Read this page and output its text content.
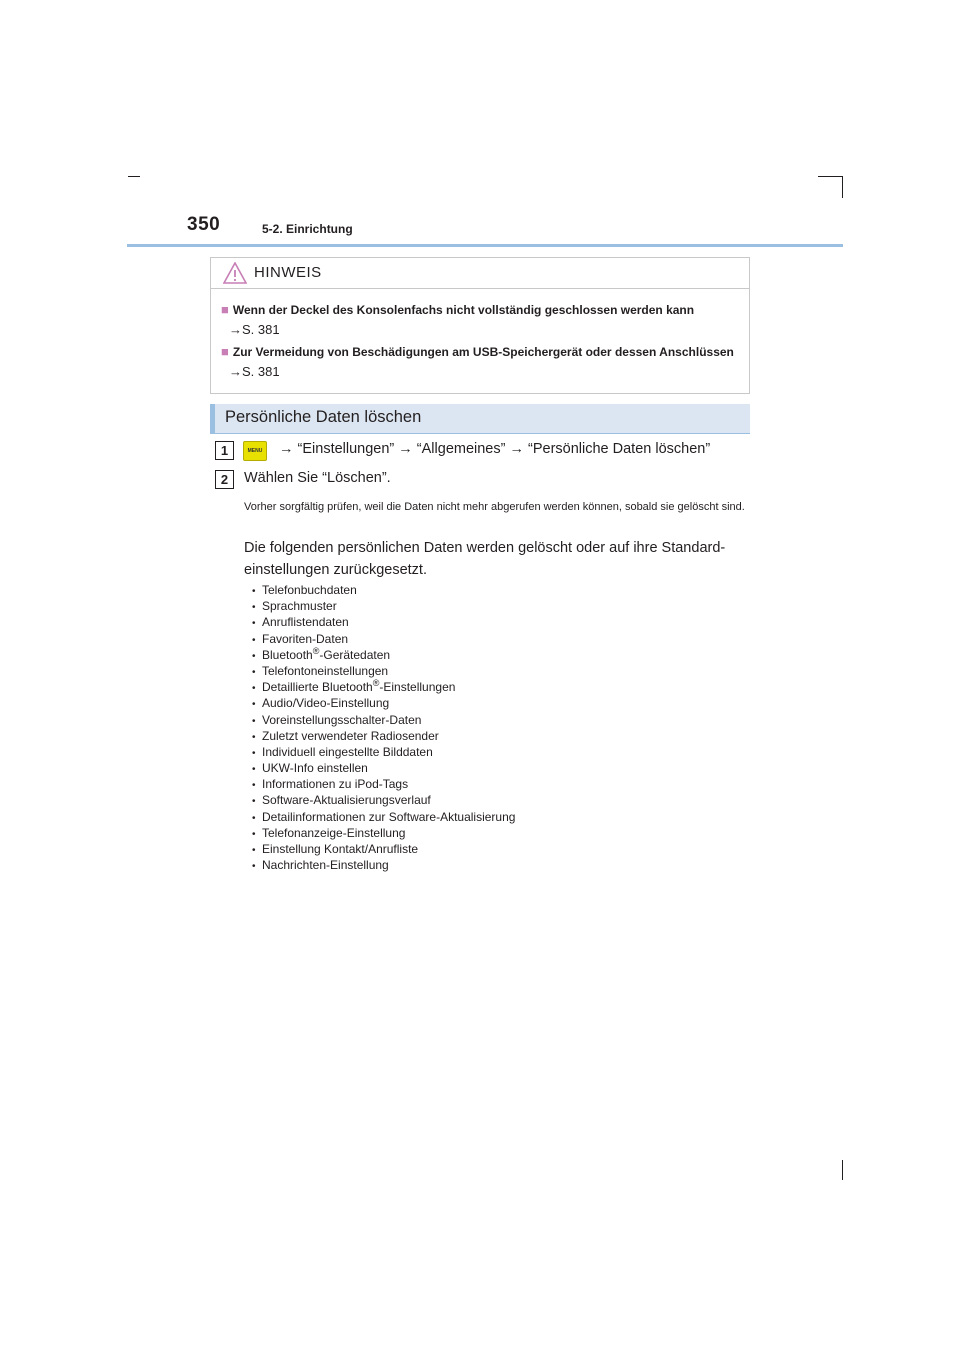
350	5-2. Einrichtung
HINWEIS
■ Wenn der Deckel des Konsolenfachs nicht vollständig geschlossen werden kann
→S. 381
■ Zur Vermeidung von Beschädigungen am USB-Speichergerät oder dessen Anschlüssen
→S. 381
Persönliche Daten löschen
1	MENU	→ “Einstellungen” → “Allgemeines” → “Persönliche Daten löschen”
2	Wählen Sie “Löschen”.
Vorher sorgfältig prüfen, weil die Daten nicht mehr abgerufen werden können, sobald sie gelöscht sind.
Die folgenden persönlichen Daten werden gelöscht oder auf ihre Standard-einstellungen zurückgesetzt.
• Telefonbuchdaten
• Sprachmuster
• Anruflistendaten
• Favoriten-Daten
• Bluetooth®-Gerätedaten
• Telefontoneinstellungen
• Detaillierte Bluetooth®-Einstellungen
• Audio/Video-Einstellung
• Voreinstellungsschalter-Daten
• Zuletzt verwendeter Radiosender
• Individuell eingestellte Bilddaten
• UKW-Info einstellen
• Informationen zu iPod-Tags
• Software-Aktualisierungsverlauf
• Detailinformationen zur Software-Aktualisierung
• Telefonanzeige-Einstellung
• Einstellung Kontakt/Anrufliste
• Nachrichten-Einstellung
